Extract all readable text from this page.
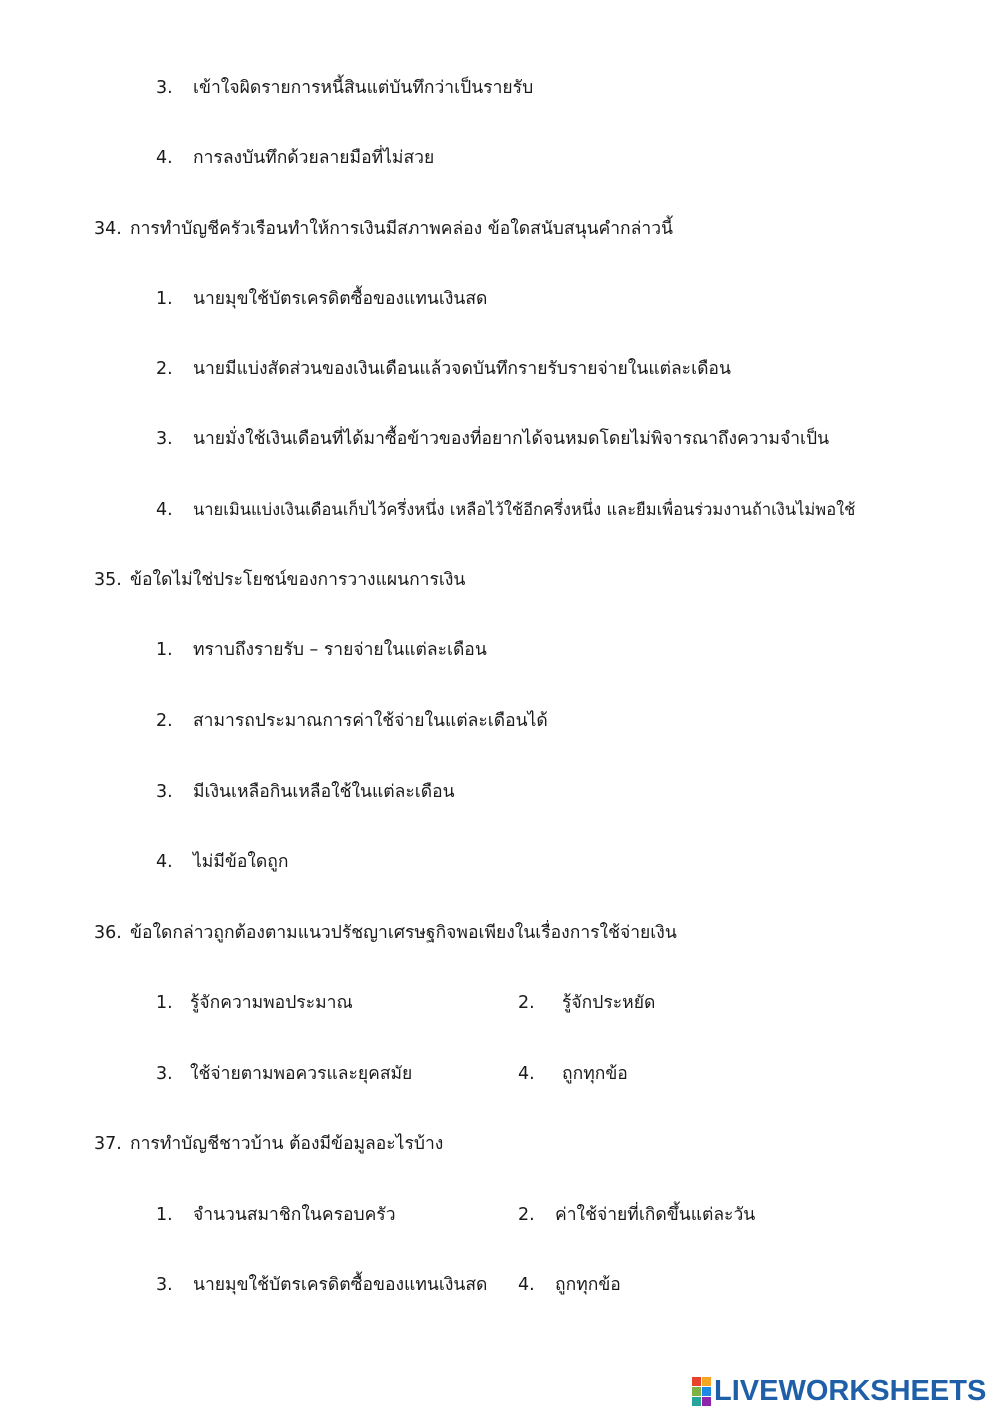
3. เข้าใจผิดรายการหนี้สินแต่บันทึกว่าเป็นรายรับ
4. การลงบันทึกด้วยลายมือที่ไม่สวย
34. การทำบัญชีครัวเรือนทำให้การเงินมีสภาพคล่อง ข้อใดสนับสนุนคำกล่าวนี้
1. นายมุขใช้บัตรเครดิตซื้อของแทนเงินสด
2. นายมีแบ่งสัดส่วนของเงินเดือนแล้วจดบันทึกรายรับรายจ่ายในแต่ละเดือน
3. นายมั่งใช้เงินเดือนที่ได้มาซื้อข้าวของที่อยากได้จนหมดโดยไม่พิจารณาถึงความจำเป็น
4. นายเมินแบ่งเงินเดือนเก็บไว้ครึ่งหนึ่ง เหลือไว้ใช้อีกครึ่งหนึ่ง และยืมเพื่อนร่วมงานถ้าเงินไม่พอใช้
35. ข้อใดไม่ใช่ประโยชน์ของการวางแผนการเงิน
1. ทราบถึงรายรับ – รายจ่ายในแต่ละเดือน
2. สามารถประมาณการค่าใช้จ่ายในแต่ละเดือนได้
3. มีเงินเหลือกินเหลือใช้ในแต่ละเดือน
4. ไม่มีข้อใดถูก
36. ข้อใดกล่าวถูกต้องตามแนวปรัชญาเศรษฐกิจพอเพียงในเรื่องการใช้จ่ายเงิน
1. รู้จักความพอประมาณ	2. รู้จักประหยัด
3. ใช้จ่ายตามพอควรและยุคสมัย	4. ถูกทุกข้อ
37. การทำบัญชีชาวบ้าน ต้องมีข้อมูลอะไรบ้าง
1. จำนวนสมาชิกในครอบครัว	2. ค่าใช้จ่ายที่เกิดขึ้นแต่ละวัน
3. นายมุขใช้บัตรเครดิตซื้อของแทนเงินสด 4. ถูกทุกข้อ
LIVEWORKSHEETS
